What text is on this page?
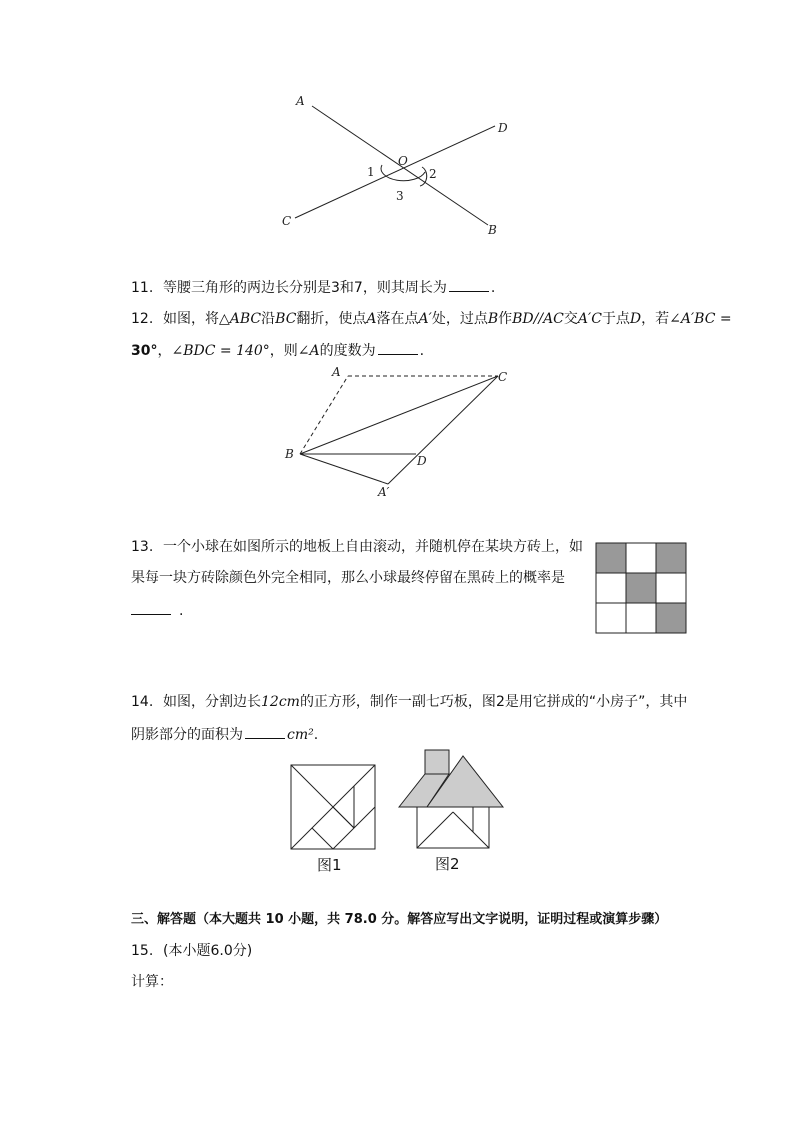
A
D
O
1	2
3
C
B
11. 等腰三角形的两边长分别是3和7，则其周长为	.
12. 如图，将△ABC沿BC翻折，使点A落在点A′处，过点B作BD//AC交A′C于点D，若∠A′BC =
30°，∠BDC = 140°，则∠A的度数为	.
A	C
B	D
A′
13. 一个小球在如图所示的地板上自由滚动，并随机停在某块方砖上，如
果每一块方砖除颜色外完全相同，那么小球最终停留在黑砖上的概率是
.
14. 如图，分割边长12cm的正方形，制作一副七巧板，图2是用它拼成的“小房子”，其中
阴影部分的面积为	cm².
图1	图2
三、解答题（本大题共 10 小题，共 78.0 分。解答应写出文字说明，证明过程或演算步骤）
15. (本小题6.0分)
计算：
